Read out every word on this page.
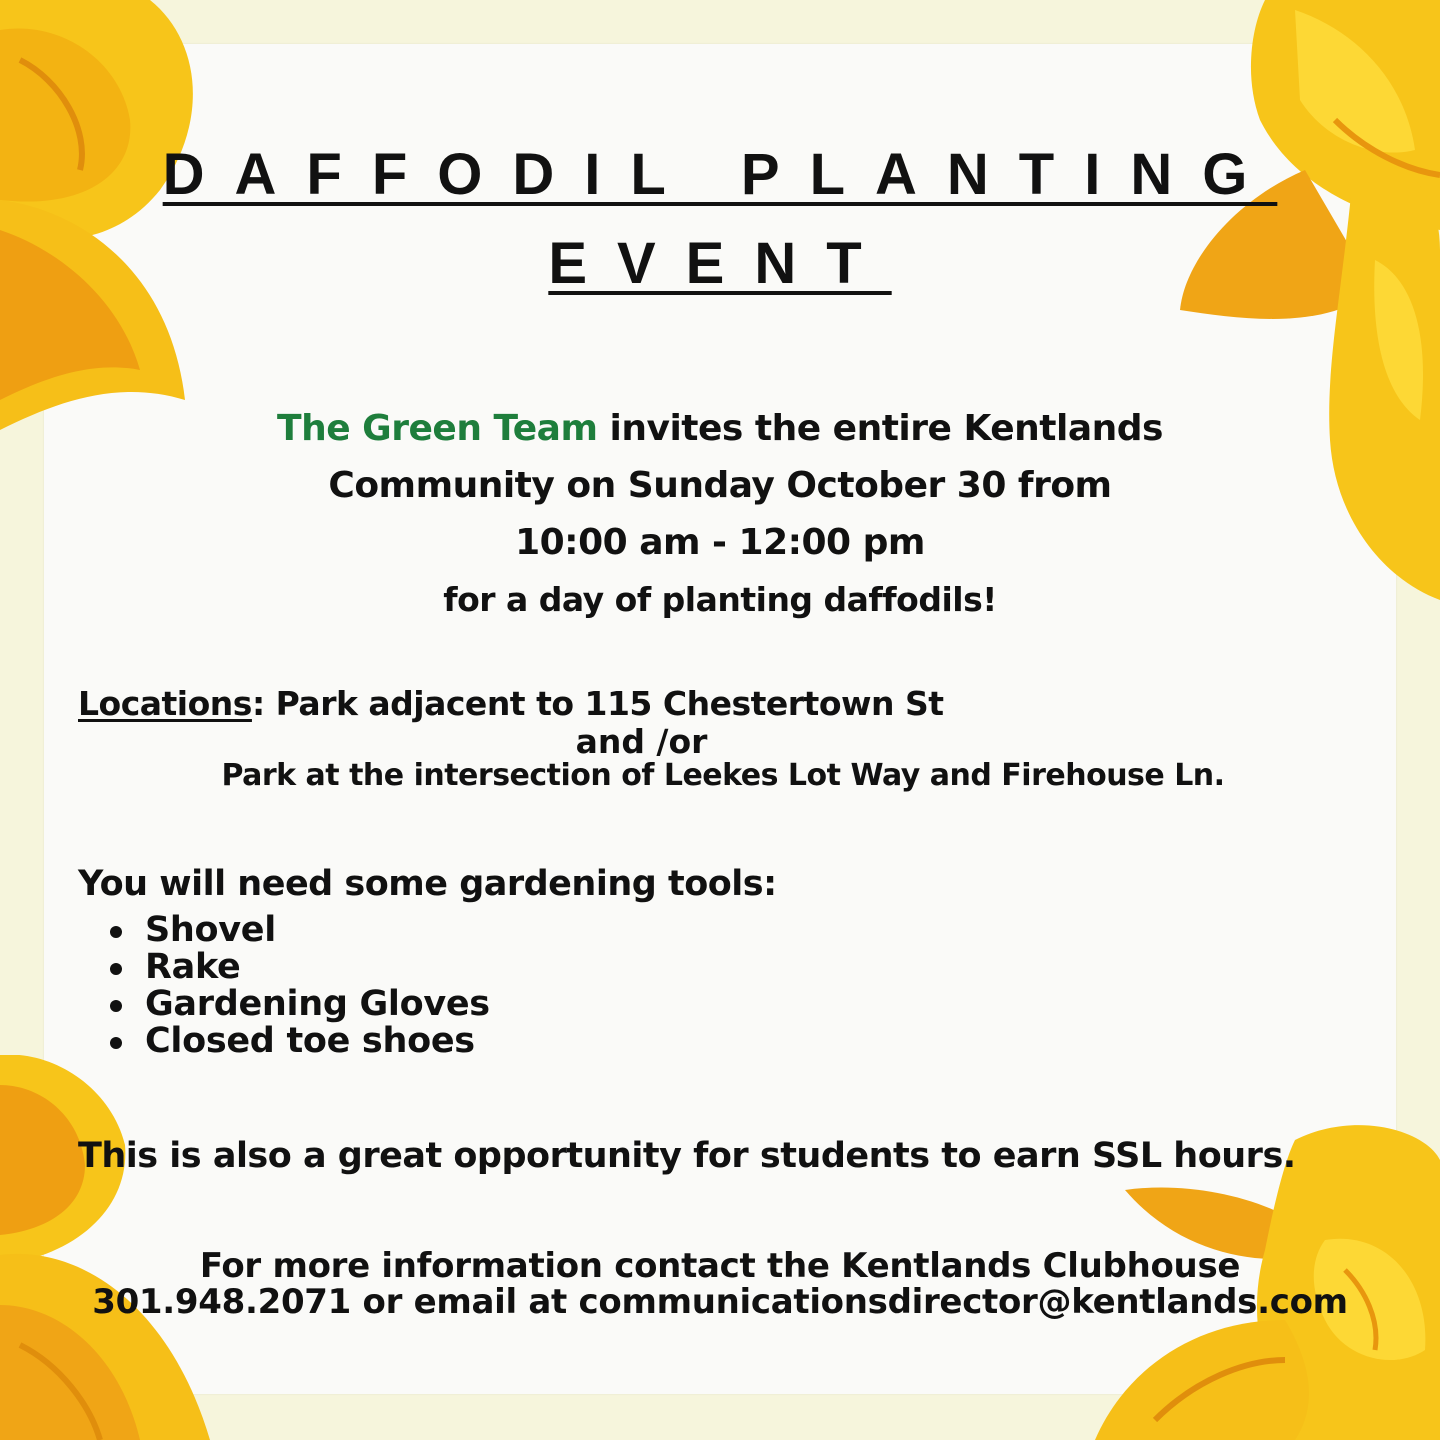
DAFFODIL PLANTING
EVENT
The Green Team invites the entire Kentlands
Community on Sunday October 30 from
10:00 am - 12:00 pm
for a day of planting daffodils!
Locations: Park adjacent to 115 Chestertown St
and /or
Park at the intersection of Leekes Lot Way and Firehouse Ln.
You will need some gardening tools:
Shovel
Rake
Gardening Gloves
Closed toe shoes
This is also a great opportunity for students to earn SSL hours.
For more information contact the Kentlands Clubhouse
301.948.2071 or email at communicationsdirector@kentlands.com
